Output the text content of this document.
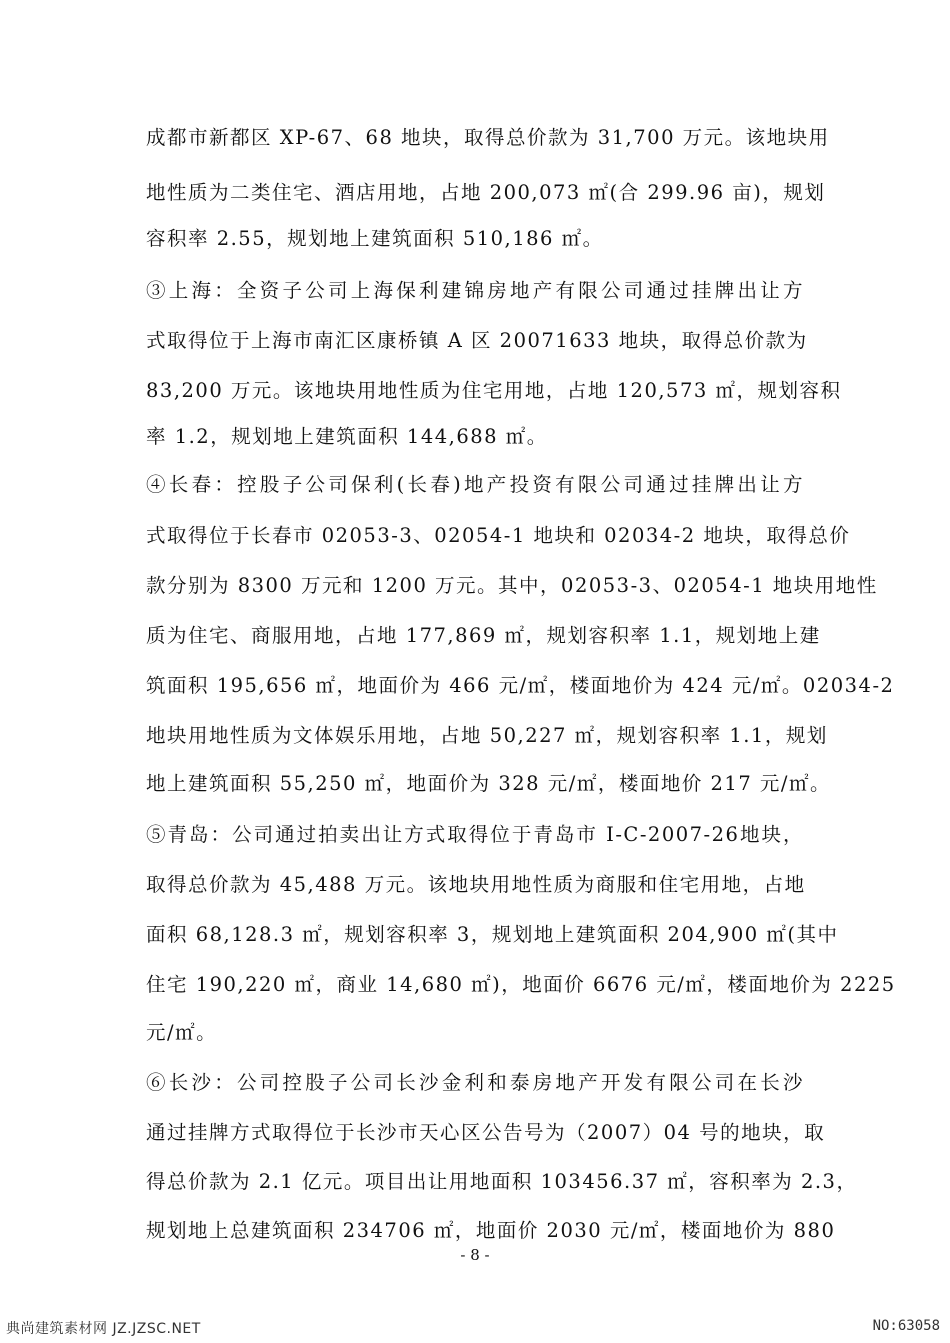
成都市新都区 XP-67、68 地块，取得总价款为 31,700 万元。该地块用
地性质为二类住宅、酒店用地，占地 200,073 ㎡(合 299.96 亩)，规划
容积率 2.55，规划地上建筑面积 510,186 ㎡。
③上海：全资子公司上海保利建锦房地产有限公司通过挂牌出让方
式取得位于上海市南汇区康桥镇 A 区 20071633 地块，取得总价款为
83,200 万元。该地块用地性质为住宅用地，占地 120,573 ㎡，规划容积
率 1.2，规划地上建筑面积 144,688 ㎡。
④长春：控股子公司保利(长春)地产投资有限公司通过挂牌出让方
式取得位于长春市 02053-3、02054-1 地块和 02034-2 地块，取得总价
款分别为 8300 万元和 1200 万元。其中，02053-3、02054-1 地块用地性
质为住宅、商服用地，占地 177,869 ㎡，规划容积率 1.1，规划地上建
筑面积 195,656 ㎡，地面价为 466 元/㎡，楼面地价为 424 元/㎡。02034-2
地块用地性质为文体娱乐用地，占地 50,227 ㎡，规划容积率 1.1，规划
地上建筑面积 55,250 ㎡，地面价为 328 元/㎡，楼面地价 217 元/㎡。
⑤青岛：公司通过拍卖出让方式取得位于青岛市 I-C-2007-26地块，
取得总价款为 45,488 万元。该地块用地性质为商服和住宅用地，占地
面积 68,128.3 ㎡，规划容积率 3，规划地上建筑面积 204,900 ㎡(其中
住宅 190,220 ㎡，商业 14,680 ㎡)，地面价 6676 元/㎡，楼面地价为 2225
元/㎡。
⑥长沙：公司控股子公司长沙金利和泰房地产开发有限公司在长沙
通过挂牌方式取得位于长沙市天心区公告号为（2007）04 号的地块，取
得总价款为 2.1 亿元。项目出让用地面积 103456.37 ㎡，容积率为 2.3，
规划地上总建筑面积 234706 ㎡，地面价 2030 元/㎡，楼面地价为 880
- 8 -
典尚建筑素材网 JZ.JZSC.NET	NO:63058
